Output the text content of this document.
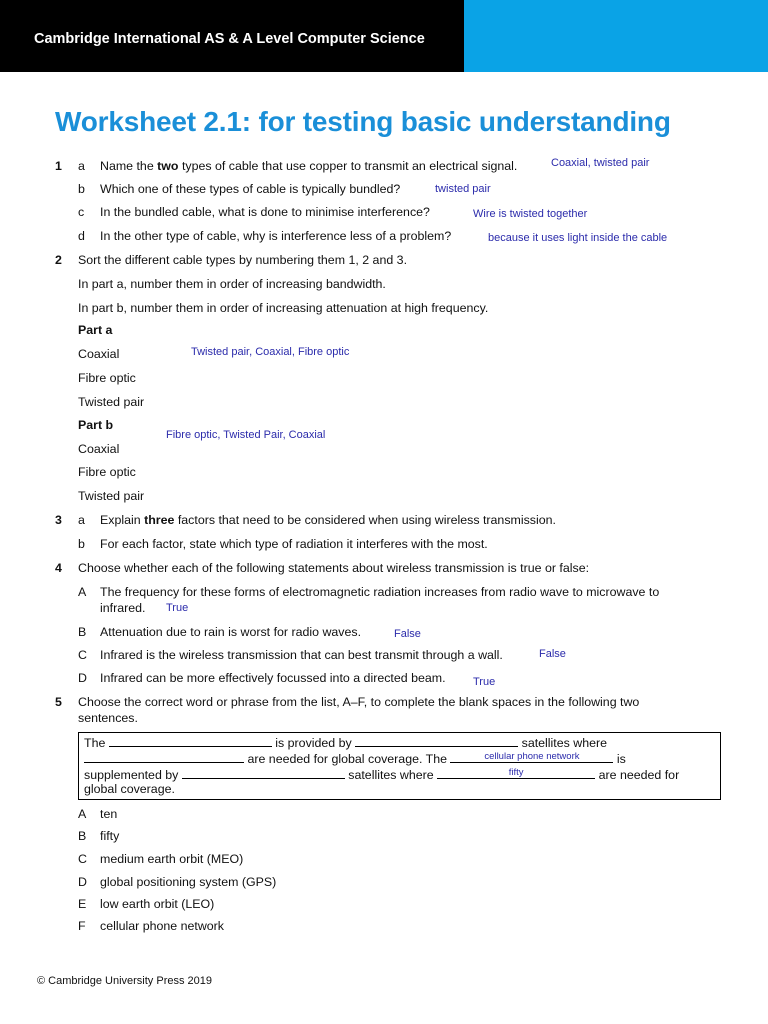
Cambridge International AS & A Level Computer Science
Worksheet 2.1: for testing basic understanding
1 a Name the two types of cable that use copper to transmit an electrical signal.	Coaxial, twisted pair
b Which one of these types of cable is typically bundled?	twisted pair
c In the bundled cable, what is done to minimise interference?	Wire is twisted together
d In the other type of cable, why is interference less of a problem?	because it uses light inside the cable
2 Sort the different cable types by numbering them 1, 2 and 3.
In part a, number them in order of increasing bandwidth.
In part b, number them in order of increasing attenuation at high frequency.
Part a
Coaxial	Twisted pair, Coaxial, Fibre optic
Fibre optic
Twisted pair
Part b
Fibre optic, Twisted Pair, Coaxial
Coaxial
Fibre optic
Twisted pair
3 a Explain three factors that need to be considered when using wireless transmission.
b For each factor, state which type of radiation it interferes with the most.
4 Choose whether each of the following statements about wireless transmission is true or false:
A The frequency for these forms of electromagnetic radiation increases from radio wave to microwave to
infrared. True
B Attenuation due to rain is worst for radio waves.	False
C Infrared is the wireless transmission that can best transmit through a wall.	False
D Infrared can be more effectively focussed into a directed beam. True
5 Choose the correct word or phrase from the list, A–F, to complete the blank spaces in the following two
sentences.
The	is provided by	satellites where
are needed for global coverage. The	cellular phone network	is
supplemented by	satellites where	fifty	are needed for
global coverage.
A ten
B fifty
C medium earth orbit (MEO)
D global positioning system (GPS)
E low earth orbit (LEO)
F cellular phone network
© Cambridge University Press 2019
